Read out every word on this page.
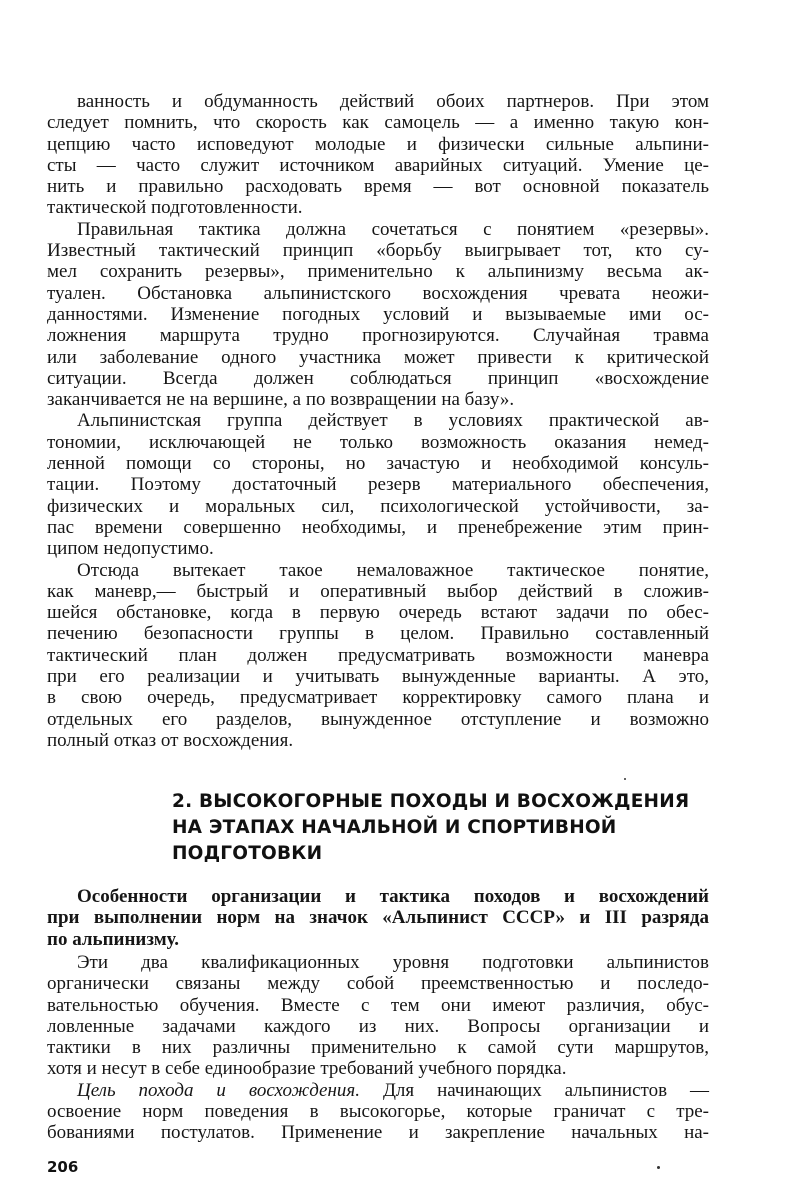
ванность и обдуманность действий обоих партнеров. При этом
следует помнить, что скорость как самоцель — а именно такую кон-
цепцию часто исповедуют молодые и физически сильные альпини-
сты — часто служит источником аварийных ситуаций. Умение це-
нить и правильно расходовать время — вот основной показатель
тактической подготовленности.
Правильная тактика должна сочетаться с понятием «резервы».
Известный тактический принцип «борьбу выигрывает тот, кто су-
мел сохранить резервы», применительно к альпинизму весьма ак-
туален. Обстановка альпинистского восхождения чревата неожи-
данностями. Изменение погодных условий и вызываемые ими ос-
ложнения маршрута трудно прогнозируются. Случайная травма
или заболевание одного участника может привести к критической
ситуации. Всегда должен соблюдаться принцип «восхождение
заканчивается не на вершине, а по возвращении на базу».
Альпинистская группа действует в условиях практической ав-
тономии, исключающей не только возможность оказания немед-
ленной помощи со стороны, но зачастую и необходимой консуль-
тации. Поэтому достаточный резерв материального обеспечения,
физических и моральных сил, психологической устойчивости, за-
пас времени совершенно необходимы, и пренебрежение этим прин-
ципом недопустимо.
Отсюда вытекает такое немаловажное тактическое понятие,
как маневр,— быстрый и оперативный выбор действий в сложив-
шейся обстановке, когда в первую очередь встают задачи по обес-
печению безопасности группы в целом. Правильно составленный
тактический план должен предусматривать возможности маневра
при его реализации и учитывать вынужденные варианты. А это,
в свою очередь, предусматривает корректировку самого плана и
отдельных его разделов, вынужденное отступление и возможно
полный отказ от восхождения.
2. ВЫСОКОГОРНЫЕ ПОХОДЫ И ВОСХОЖДЕНИЯ
НА ЭТАПАХ НАЧАЛЬНОЙ И СПОРТИВНОЙ
ПОДГОТОВКИ
Особенности организации и тактика походов и восхождений
при выполнении норм на значок «Альпинист СССР» и III разряда
по альпинизму.
Эти два квалификационных уровня подготовки альпинистов
органически связаны между собой преемственностью и последо-
вательностью обучения. Вместе с тем они имеют различия, обус-
ловленные задачами каждого из них. Вопросы организации и
тактики в них различны применительно к самой сути маршрутов,
хотя и несут в себе единообразие требований учебного порядка.
Цель похода и восхождения. Для начинающих альпинистов —
освоение норм поведения в высокогорье, которые граничат с тре-
бованиями постулатов. Применение и закрепление начальных на-
206
